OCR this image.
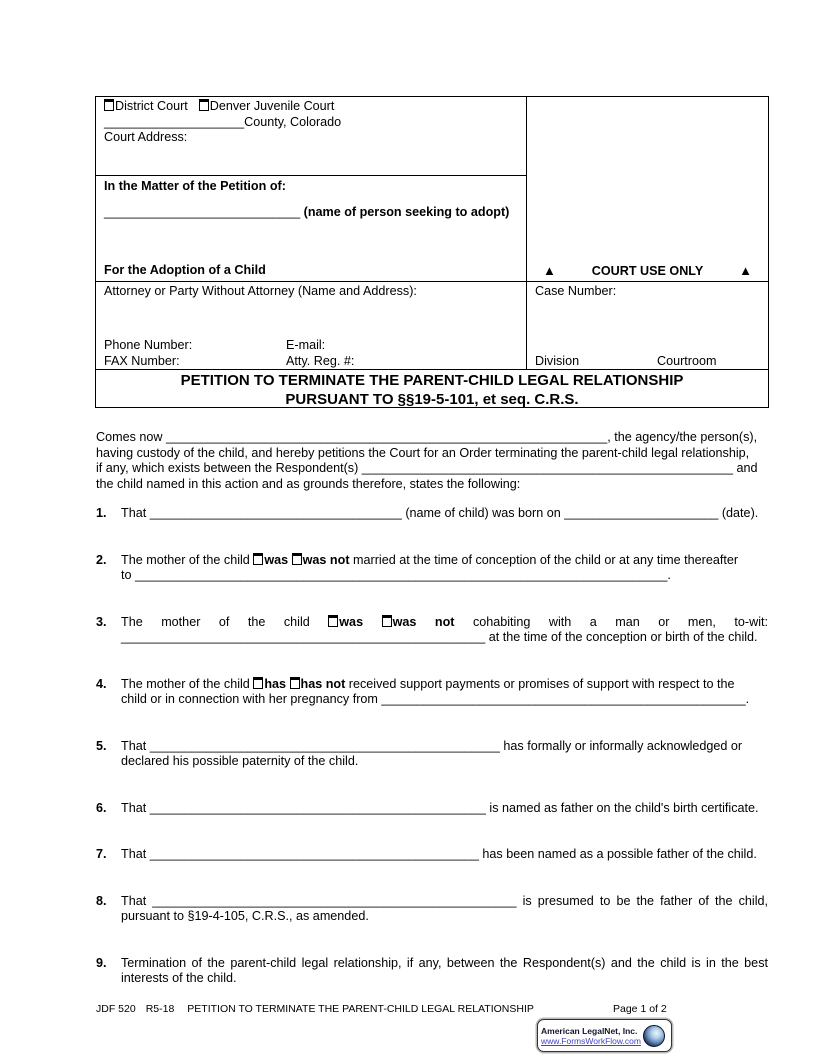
District Court Denver Juvenile Court
____________________County, Colorado
Court Address:
In the Matter of the Petition of:
____________________________ (name of person seeking to adopt)
For the Adoption of a Child	▲	COURT USE ONLY	▲
Attorney or Party Without Attorney (Name and Address):
Phone Number:	E-mail:
FAX Number:	Atty. Reg. #:
Case Number:
Division	Courtroom
PETITION TO TERMINATE THE PARENT-CHILD LEGAL RELATIONSHIP
PURSUANT TO §§19-5-101, et seq. C.R.S.
Comes now _______________________________________________________________, the agency/the person(s),
having custody of the child, and hereby petitions the Court for an Order terminating the parent-child legal relationship,
if any, which exists between the Respondent(s) _____________________________________________________ and
the child named in this action and as grounds therefore, states the following:
1.	That ____________________________________ (name of child) was born on ______________________ (date).
2.	The mother of the child was was not married at the time of conception of the child or at any time thereafter
to ____________________________________________________________________________.
3.	The mother of the child was was not cohabiting with a man or men, to-wit: ____________________________________________________ at the time of the conception or birth of the child.
4.	The mother of the child has has not received support payments or promises of support with respect to the
child or in connection with her pregnancy from ____________________________________________________.
5.	That __________________________________________________ has formally or informally acknowledged or
declared his possible paternity of the child.
6.	That ________________________________________________ is named as father on the child's birth certificate.
7.	That _______________________________________________ has been named as a possible father of the child.
8.	That ____________________________________________________ is presumed to be the father of the child, pursuant to §19-4-105, C.R.S., as amended.
9.	Termination of the parent-child legal relationship, if any, between the Respondent(s) and the child is in the best interests of the child.
JDF 520 R5-18 PETITION TO TERMINATE THE PARENT-CHILD LEGAL RELATIONSHIP	Page 1 of 2
American LegalNet, Inc.
www.FormsWorkFlow.com
